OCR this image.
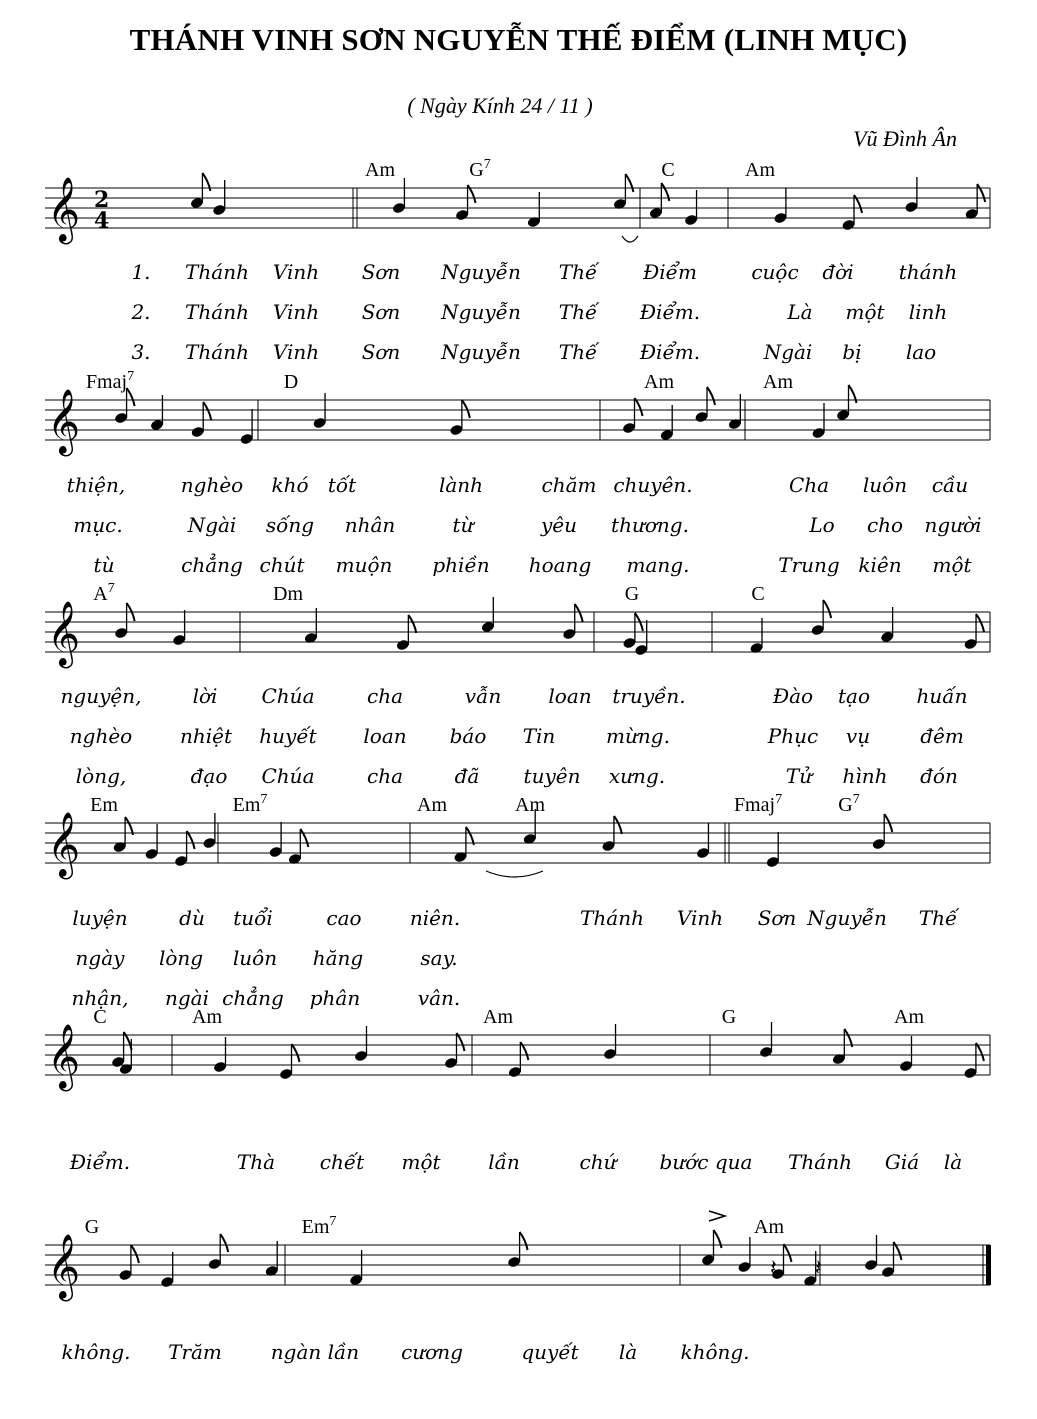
THÁNH VINH SƠN NGUYỄN THẾ ĐIỂM (LINH MỤC)
( Ngày Kính 24 / 11 )
Vũ Đình Ân
𝄞 2
4
Am	$G^7$	C	Am
𝄞
Fmaj$^7$	D	Am	Am
𝄞
$A^7$	Dm	G	C
𝄞
Em	Em$^7$	Am	Am	Fmaj$^7$	$G^7$
𝄞
C	Am	Am	G	Am
𝄞	𝄽 𝄽
G	Em$^7$	Am
1. Thánh Vinh Sơn Nguyễn Thế Điểm	cuộc đời thánh
2. Thánh Vinh Sơn Nguyễn Thế Điểm.	Là một linh
3. Thánh Vinh Sơn Nguyễn Thế Điểm.	Ngài bị lao
thiện,	nghèo khó tốt	lành	chăm chuyên.	Cha luôn cầu
mục.	Ngài sống nhân	từ	yêu thương.	Lo cho người
tù	chẳng chút muộn phiền hoang mang.	Trung kiên một
nguyện,	lời Chúa	cha	vẫn loan truyền.	Đào tạo huấn
nghèo nhiệt huyết loan báo Tin	mừng.	Phục vụ	đêm
lòng,	đạo Chúa	cha	đã tuyên xưng.	Tử hình đón
luyện	dù tuổi	cao niên.	Thánh Vinh Sơn Nguyễn Thế
ngày lòng luôn hăng	say.
nhận, ngài chẳng phân	vân.
Điểm.	Thà chết một lần	chứ bước qua Thánh Giá là
không. Trăm ngàn lần cương	quyết là không.
